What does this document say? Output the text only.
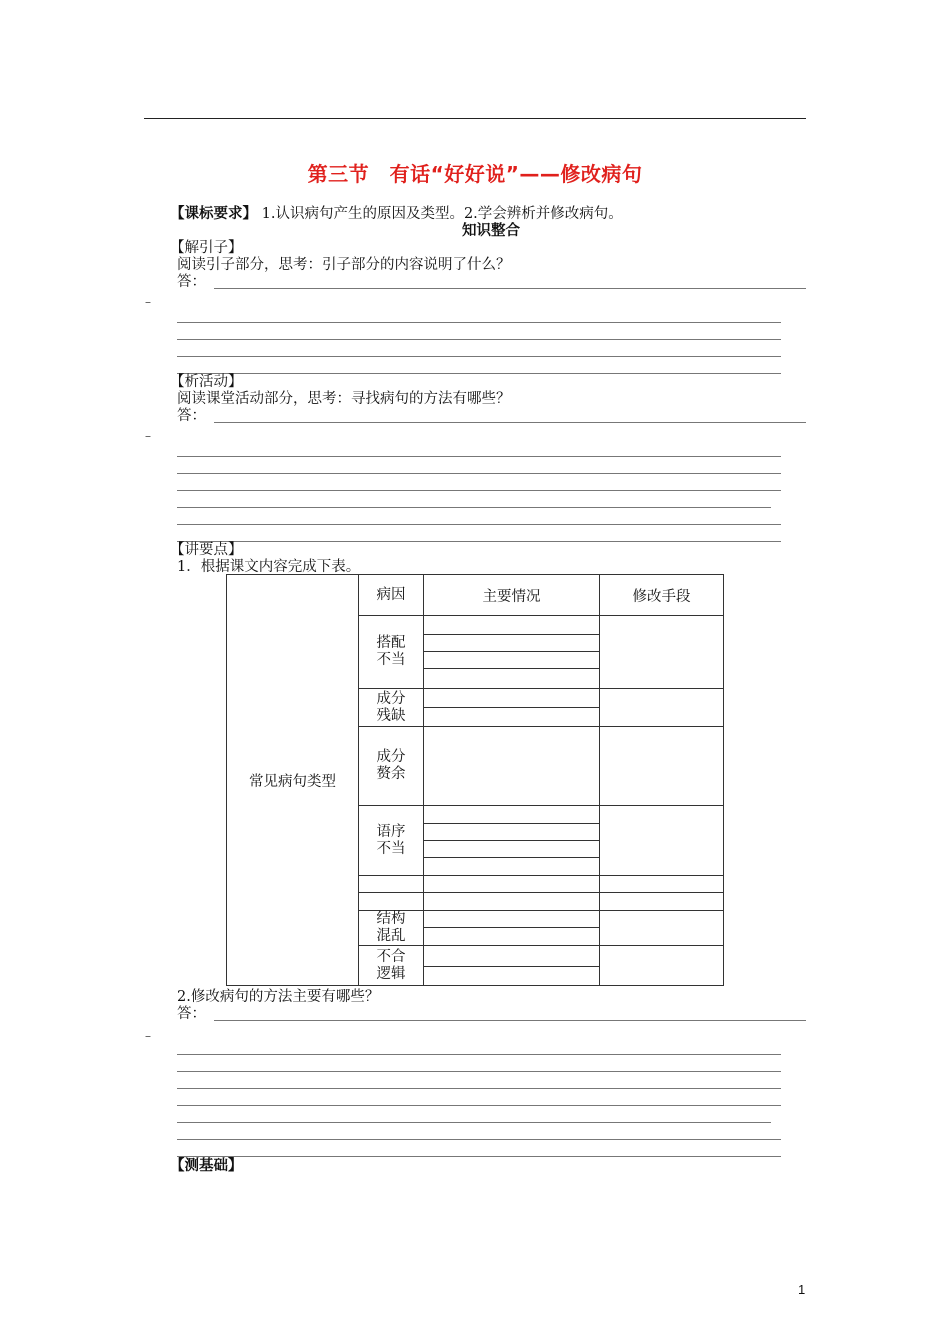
第三节　有话“好好说”——修改病句
【课标要求】 1.认识病句产生的原因及类型。2.学会辨析并修改病句。
知识整合
【解引子】
阅读引子部分，思考：引子部分的内容说明了什么？
答：
–
【析活动】
阅读课堂活动部分，思考：寻找病句的方法有哪些？
答：
–
【讲要点】
1．根据课文内容完成下表。
常见病句类型	病因	主要情况	修改手段

	搭配不当		

	成分残缺		

	成分赘余		

	语序不当		

	结构混乱		

	不合逻辑		

2.修改病句的方法主要有哪些？
答：
–
【测基础】
1
